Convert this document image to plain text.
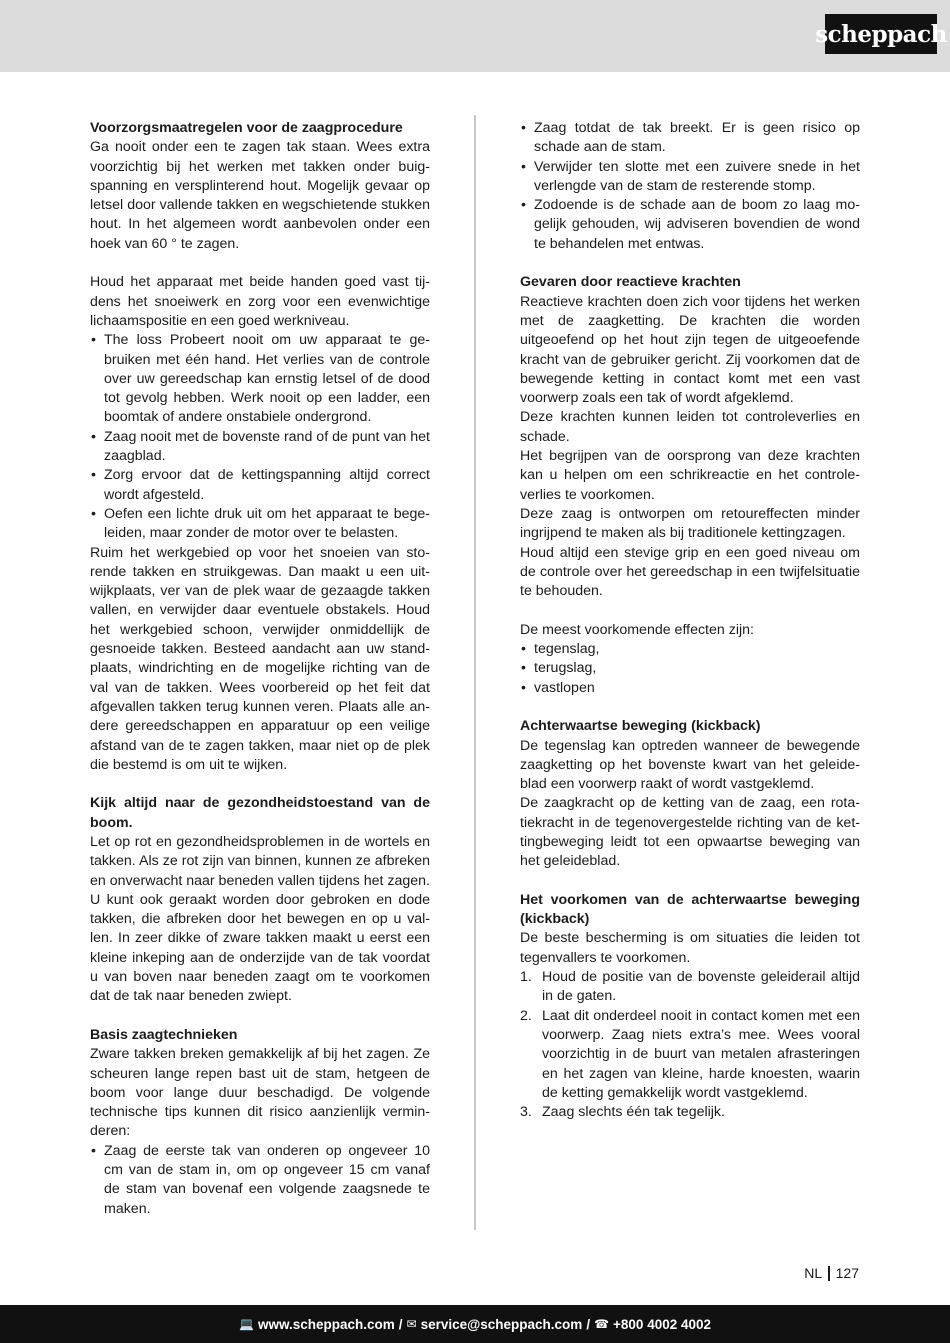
scheppach
Voorzorgsmaatregelen voor de zaagprocedure

Ga nooit onder een te zagen tak staan. Wees extra voorzichtig bij het werken met takken onder buigspanning en versplinterend hout. Mogelijk gevaar op letsel door vallende takken en wegschietende stukken hout. In het algemeen wordt aanbevolen onder een hoek van 60 ° te zagen.

Houd het apparaat met beide handen goed vast tijdens het snoeiwerk en zorg voor een evenwichtige lichaamspositie en een goed werkniveau.

• The loss Probeert nooit om uw apparaat te gebruiken met één hand. Het verlies van de controle over uw gereedschap kan ernstig letsel of de dood tot gevolg hebben. Werk nooit op een ladder, een boomtak of andere onstabiele ondergrond.
• Zaag nooit met de bovenste rand of de punt van het zaagblad.
• Zorg ervoor dat de kettingspanning altijd correct wordt afgesteld.
• Oefen een lichte druk uit om het apparaat te begeleiden, maar zonder de motor over te belasten.

Ruim het werkgebied op voor het snoeien van storende takken en struikgewas. Dan maakt u een uitwijkplaats, ver van de plek waar de gezaagde takken vallen, en verwijder daar eventuele obstakels. Houd het werkgebied schoon, verwijder onmiddellijk de gesnoeide takken. Besteed aandacht aan uw standplaats, windrichting en de mogelijke richting van de val van de takken. Wees voorbereid op het feit dat afgevallen takken terug kunnen veren. Plaats alle andere gereedschappen en apparatuur op een veilige afstand van de te zagen takken, maar niet op de plek die bestemd is om uit te wijken.

Kijk altijd naar de gezondheidstoestand van de boom.

Let op rot en gezondheidsproblemen in de wortels en takken. Als ze rot zijn van binnen, kunnen ze afbreken en onverwacht naar beneden vallen tijdens het zagen.

U kunt ook geraakt worden door gebroken en dode takken, die afbreken door het bewegen en op u vallen. In zeer dikke of zware takken maakt u eerst een kleine inkeping aan de onderzijde van de tak voordat u van boven naar beneden zaagt om te voorkomen dat de tak naar beneden zwiept.

Basis zaagtechnieken

Zware takken breken gemakkelijk af bij het zagen. Ze scheuren lange repen bast uit de stam, hetgeen de boom voor lange duur beschadigd. De volgende technische tips kunnen dit risico aanzienlijk verminderen:

• Zaag de eerste tak van onderen op ongeveer 10 cm van de stam in, om op ongeveer 15 cm vanaf de stam van bovenaf een volgende zaagsnede te maken.
• Zaag totdat de tak breekt. Er is geen risico op schade aan de stam.
• Verwijder ten slotte met een zuivere snede in het verlengde van de stam de resterende stomp.
• Zodoende is de schade aan de boom zo laag mogelijk gehouden, wij adviseren bovendien de wond te behandelen met entwas.
Gevaren door reactieve krachten

Reactieve krachten doen zich voor tijdens het werken met de zaagketting. De krachten die worden uitgeoefend op het hout zijn tegen de uitgeoefende kracht van de gebruiker gericht. Zij voorkomen dat de bewegende ketting in contact komt met een vast voorwerp zoals een tak of wordt afgeklemd.

Deze krachten kunnen leiden tot controleverlies en schade.

Het begrijpen van de oorsprong van deze krachten kan u helpen om een schrikreactie en het controleverlies te voorkomen.

Deze zaag is ontworpen om retoureffecten minder ingrijpend te maken als bij traditionele kettingzagen.

Houd altijd een stevige grip en een goed niveau om de controle over het gereedschap in een twijfelsituatie te behouden.

De meest voorkomende effecten zijn:

• tegenslag,
• terugslag,
• vastlopen
Achterwaartse beweging (kickback)

De tegenslag kan optreden wanneer de bewegende zaagketting op het bovenste kwart van het geleideblad een voorwerp raakt of wordt vastgeklemd.

De zaagkracht op de ketting van de zaag, een rotatiekracht in de tegenovergestelde richting van de kettingbeweging leidt tot een opwaartse beweging van het geleideblad.

Het voorkomen van de achterwaartse beweging (kickback)

De beste bescherming is om situaties die leiden tot tegenvallers te voorkomen.

1. Houd de positie van de bovenste geleiderail altijd in de gaten.
2. Laat dit onderdeel nooit in contact komen met een voorwerp. Zaag niets extra’s mee. Wees vooral voorzichtig in de buurt van metalen afrasteringen en het zagen van kleine, harde knoesten, waarin de ketting gemakkelijk wordt vastgeklemd.
3. Zaag slechts één tak tegelijk.
NL 127
💻 www.scheppach.com / ✉ service@scheppach.com / ☎ +800 4002 4002
